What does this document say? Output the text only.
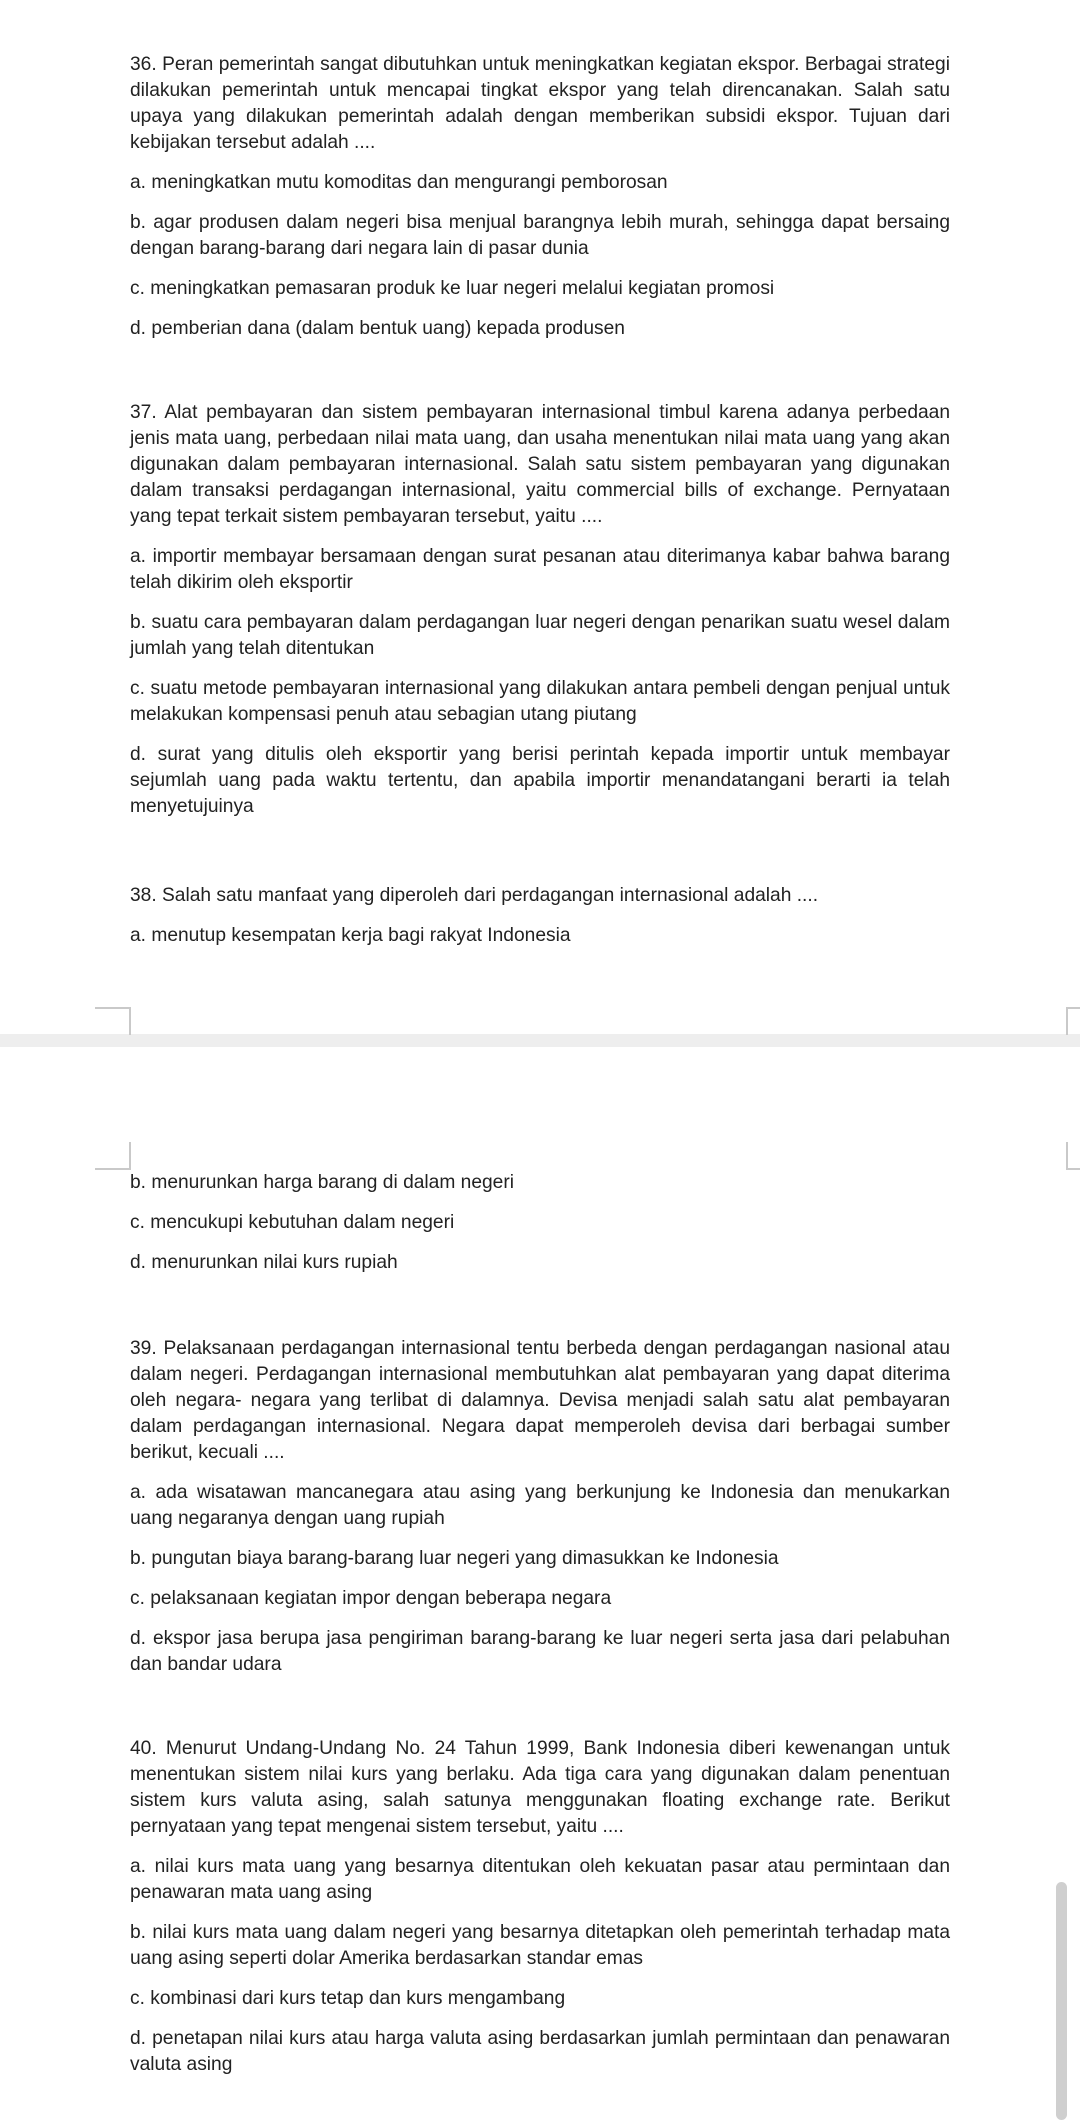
36. Peran pemerintah sangat dibutuhkan untuk meningkatkan kegiatan ekspor. Berbagai strategi dilakukan pemerintah untuk mencapai tingkat ekspor yang telah direncanakan. Salah satu upaya yang dilakukan pemerintah adalah dengan memberikan subsidi ekspor. Tujuan dari kebijakan tersebut adalah ....

a. meningkatkan mutu komoditas dan mengurangi pemborosan
b. agar produsen dalam negeri bisa menjual barangnya lebih murah, sehingga dapat bersaing dengan barang-barang dari negara lain di pasar dunia
c. meningkatkan pemasaran produk ke luar negeri melalui kegiatan promosi
d. pemberian dana (dalam bentuk uang) kepada produsen

37. Alat pembayaran dan sistem pembayaran internasional timbul karena adanya perbedaan jenis mata uang, perbedaan nilai mata uang, dan usaha menentukan nilai mata uang yang akan digunakan dalam pembayaran internasional. Salah satu sistem pembayaran yang digunakan dalam transaksi perdagangan internasional, yaitu commercial bills of exchange. Pernyataan yang tepat terkait sistem pembayaran tersebut, yaitu ....

a. importir membayar bersamaan dengan surat pesanan atau diterimanya kabar bahwa barang telah dikirim oleh eksportir
b. suatu cara pembayaran dalam perdagangan luar negeri dengan penarikan suatu wesel dalam jumlah yang telah ditentukan
c. suatu metode pembayaran internasional yang dilakukan antara pembeli dengan penjual untuk melakukan kompensasi penuh atau sebagian utang piutang
d. surat yang ditulis oleh eksportir yang berisi perintah kepada importir untuk membayar sejumlah uang pada waktu tertentu, dan apabila importir menandatangani berarti ia telah menyetujuinya

38. Salah satu manfaat yang diperoleh dari perdagangan internasional adalah ....

a. menutup kesempatan kerja bagi rakyat Indonesia
b. menurunkan harga barang di dalam negeri
c. mencukupi kebutuhan dalam negeri
d. menurunkan nilai kurs rupiah

39. Pelaksanaan perdagangan internasional tentu berbeda dengan perdagangan nasional atau dalam negeri. Perdagangan internasional membutuhkan alat pembayaran yang dapat diterima oleh negara- negara yang terlibat di dalamnya. Devisa menjadi salah satu alat pembayaran dalam perdagangan internasional. Negara dapat memperoleh devisa dari berbagai sumber berikut, kecuali ....

a. ada wisatawan mancanegara atau asing yang berkunjung ke Indonesia dan menukarkan uang negaranya dengan uang rupiah
b. pungutan biaya barang-barang luar negeri yang dimasukkan ke Indonesia
c. pelaksanaan kegiatan impor dengan beberapa negara
d. ekspor jasa berupa jasa pengiriman barang-barang ke luar negeri serta jasa dari pelabuhan dan bandar udara

40. Menurut Undang-Undang No. 24 Tahun 1999, Bank Indonesia diberi kewenangan untuk menentukan sistem nilai kurs yang berlaku. Ada tiga cara yang digunakan dalam penentuan sistem kurs valuta asing, salah satunya menggunakan floating exchange rate. Berikut pernyataan yang tepat mengenai sistem tersebut, yaitu ....

a. nilai kurs mata uang yang besarnya ditentukan oleh kekuatan pasar atau permintaan dan penawaran mata uang asing
b. nilai kurs mata uang dalam negeri yang besarnya ditetapkan oleh pemerintah terhadap mata uang asing seperti dolar Amerika berdasarkan standar emas
c. kombinasi dari kurs tetap dan kurs mengambang
d. penetapan nilai kurs atau harga valuta asing berdasarkan jumlah permintaan dan penawaran valuta asing
